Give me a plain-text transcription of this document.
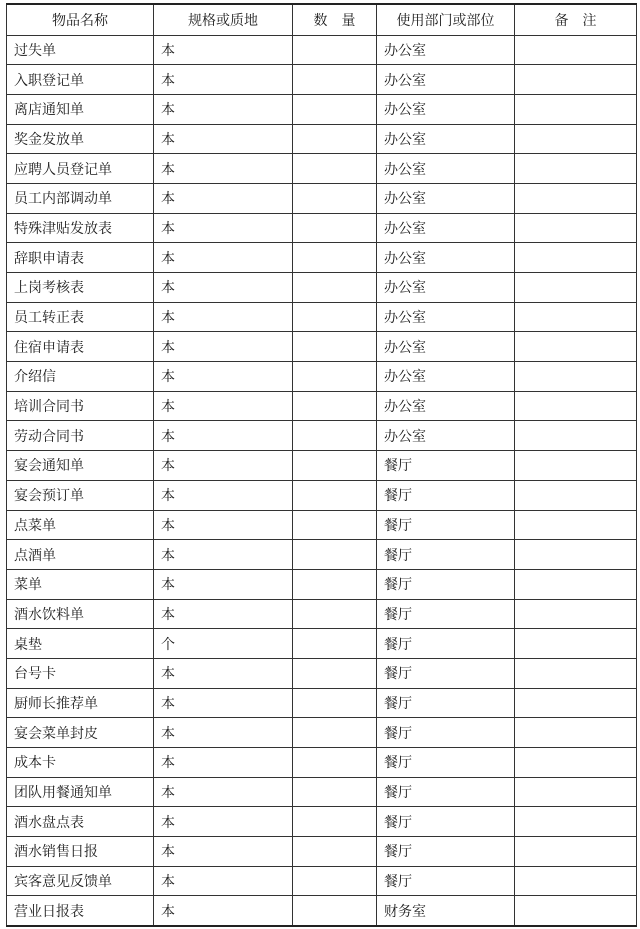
物品名称	规格或质地	数　量	使用部门或部位	备　注
过失单	本		办公室	
入职登记单	本		办公室	
离店通知单	本		办公室	
奖金发放单	本		办公室	
应聘人员登记单	本		办公室	
员工内部调动单	本		办公室	
特殊津贴发放表	本		办公室	
辞职申请表	本		办公室	
上岗考核表	本		办公室	
员工转正表	本		办公室	
住宿申请表	本		办公室	
介绍信	本		办公室	
培训合同书	本		办公室	
劳动合同书	本		办公室	
宴会通知单	本		餐厅	
宴会预订单	本		餐厅	
点菜单	本		餐厅	
点酒单	本		餐厅	
菜单	本		餐厅	
酒水饮料单	本		餐厅	
桌垫	个		餐厅	
台号卡	本		餐厅	
厨师长推荐单	本		餐厅	
宴会菜单封皮	本		餐厅	
成本卡	本		餐厅	
团队用餐通知单	本		餐厅	
酒水盘点表	本		餐厅	
酒水销售日报	本		餐厅	
宾客意见反馈单	本		餐厅	
营业日报表	本		财务室	
